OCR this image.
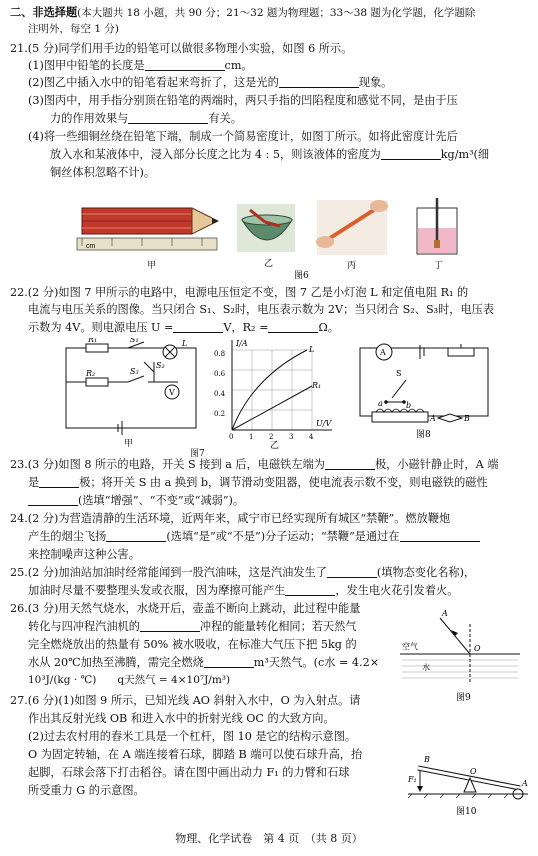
二、非选择题(本大题共 18 小题，共 90 分；21～32 题为物理题；33～38 题为化学题，化学题除
注明外，每空 1 分)
21.(5 分)同学们用手边的铅笔可以做很多物理小实验，如图 6 所示。
(1)图甲中铅笔的长度是	cm。
(2)图乙中插入水中的铅笔看起来弯折了，这是光的	现象。
(3)图丙中，用手指分别顶在铅笔的两端时，两只手指的凹陷程度和感觉不同，是由于压
力的作用效果与	有关。
(4)将一些细铜丝绕在铅笔下端，制成一个简易密度计，如图丁所示。如将此密度计先后
放入水和某液体中，浸入部分长度之比为 4 : 5，则该液体的密度为	kg/m³(细
铜丝体积忽略不计)。
cm
甲	乙	丙	丁
图6
22.(2 分)如图 7 甲所示的电路中，电源电压恒定不变，图 7 乙是小灯泡 L 和定值电阻 R₁ 的
电流与电压关系的图像。当只闭合 S₁、S₂时，电压表示数为 2V；当只闭合 S₂、S₃时，电压表
示数为 4V。则电源电压 U =	V，R₂ =	Ω。
R₁	S₁	L
R₂	S₃
S₂
V
甲
I/A
U/V
L
R₁
0.8
0.6
0.4
0.2
0 1 2 3 4
乙
图7
A
S
a	b
A	B
图8
23.(3 分)如图 8 所示的电路，开关 S 接到 a 后，电磁铁左端为	极，小磁针静止时，A 端
是	极；将开关 S 由 a 换到 b，调节滑动变阻器，使电流表示数不变，则电磁铁的磁性
(选填“增强”、“不变”或“减弱”)。
24.(2 分)为营造清静的生活环境，近两年来，咸宁市已经实现所有城区“禁鞭”。燃放鞭炮
产生的烟尘飞扬	(选填“是”或“不是”)分子运动；“禁鞭”是通过在
来控制噪声这种公害。
25.(2 分)加油站加油时经常能闻到一股汽油味，这是汽油发生了	(填物态变化名称)，
加油时尽量不要整理头发或衣服，因为摩擦可能产生	，发生电火花引发着火。
26.(3 分)用天然气烧水，水烧开后，壶盖不断向上跳动，此过程中能量
转化与四冲程汽油机的	冲程的能量转化相同；若天然气
完全燃烧放出的热量有 50% 被水吸收，在标准大气压下把 5kg 的
水从 20℃加热至沸腾，需完全燃烧	m³天然气。(c水 = 4.2×
10³J/(kg · ℃)　　q天然气 = 4×10⁷J/m³)
A
O
空气
水
图9
27.(6 分)(1)如图 9 所示，已知光线 AO 斜射入水中，O 为入射点。请
作出其反射光线 OB 和进入水中的折射光线 OC 的大致方向。
(2)过去农村用的舂米工具是一个杠杆，图 10 是它的结构示意图。
O 为固定转轴，在 A 端连接着石球，脚踏 B 端可以使石球升高，抬
起脚，石球会落下打击稻谷。请在图中画出动力 F₁ 的力臂和石球
所受重力 G 的示意图。
B
F₁
O
A
图10
物理、化学试卷　第 4 页　（共 8 页）
